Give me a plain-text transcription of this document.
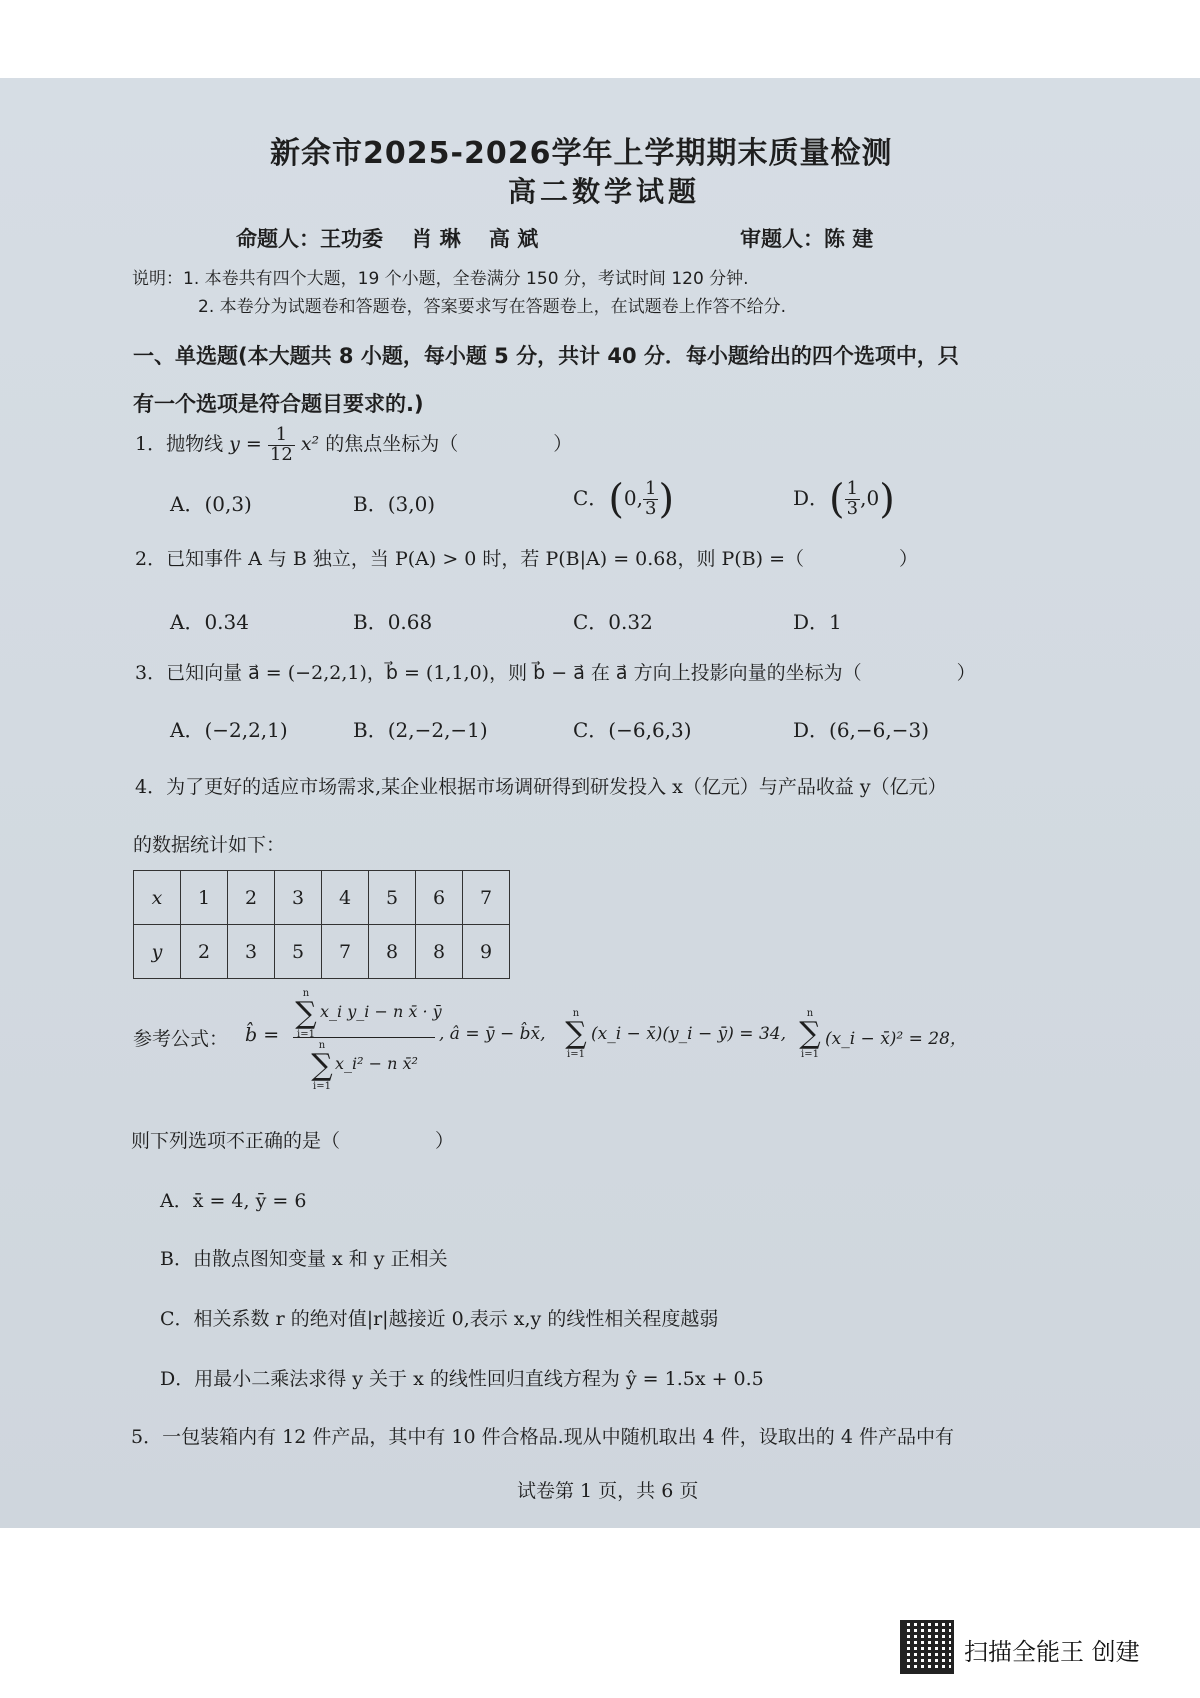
新余市2025-2026学年上学期期末质量检测
高二数学试题
命题人：王功委　 肖 琳　 高 斌	审题人：陈 建
说明：1. 本卷共有四个大题，19 个小题，全卷满分 150 分，考试时间 120 分钟.
2. 本卷分为试题卷和答题卷，答案要求写在答题卷上，在试题卷上作答不给分.
一、单选题(本大题共 8 小题，每小题 5 分，共计 40 分．每小题给出的四个选项中，只
有一个选项是符合题目要求的.)
1．抛物线 $y = \frac{1}{12} x^2$ 的焦点坐标为（　　　　　）
A．(0,3)	B．(3,0)	C．(0, $\frac{1}{3}$ )	D．( $\frac{1}{3} ,0$)
2．已知事件 A 与 B 独立，当 P(A) > 0 时，若 P(B|A) = 0.68，则 P(B) =（　　　　　）
A．0.34	B．0.68	C．0.32	D．1
3．已知向量 a⃗ = (−2,2,1)，b⃗ = (1,1,0)，则 b⃗ − a⃗ 在 a⃗ 方向上投影向量的坐标为（　　　　　）
A．(−2,2,1)	B．(2,−2,−1)	C．(−6,6,3)	D．(6,−6,−3)
4．为了更好的适应市场需求,某企业根据市场调研得到研发投入 x（亿元）与产品收益 y（亿元）
的数据统计如下：
x	1	2	3	4	5	6	7
y	2	3	5	7	8	8	9
参考公式： b̂ =
n
∑
i=1
x_i y_i − n x̄ · ȳ
n
∑
i=1
x_i² − n x̄²
, â = ȳ − b̂x̄,
n
∑
i=1
(x_i − x̄)(y_i − ȳ) = 34,
n
∑
i=1
(x_i − x̄)² = 28，
则下列选项不正确的是（　　　　　）
A．x̄ = 4, ȳ = 6
B．由散点图知变量 x 和 y 正相关
C．相关系数 r 的绝对值|r|越接近 0,表示 x,y 的线性相关程度越弱
D．用最小二乘法求得 y 关于 x 的线性回归直线方程为 ŷ = 1.5x + 0.5
5．一包装箱内有 12 件产品，其中有 10 件合格品.现从中随机取出 4 件，设取出的 4 件产品中有
试卷第 1 页，共 6 页
扫描全能王 创建
